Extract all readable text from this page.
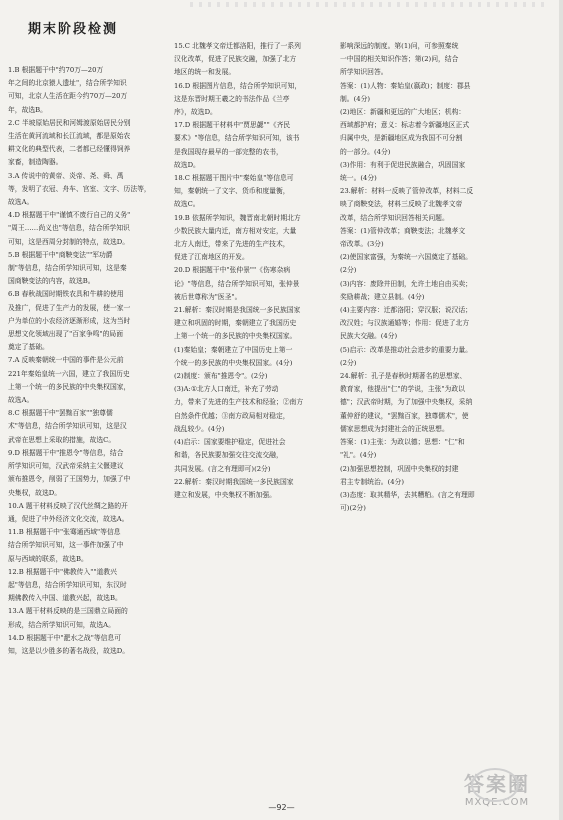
期末阶段检测
1.B 根据题干中"约70万—20万
年之间的北京猿人遗址"，结合所学知识
可知，北京人生活在距今约70万—20万
年，故选B。
2.C 半坡原始居民和河姆渡原始居民分别
生活在黄河流域和长江流域，都是原始农
耕文化的典型代表，二者都已经懂得饲养
家畜，制造陶器。
3.A 传说中的黄帝、炎帝、尧、舜、禹
等，发明了衣冠、舟车、宫室、文字、历法等，
故选A。
4.D 根据题干中"谨慎不废行自己的义务"
"周王……尚义也"等信息，结合所学知识
可知，这是西周分封制的特点，故选D。
5.B 根据题干中"商鞅变法""军功爵
制"等信息，结合所学知识可知，这是秦
国商鞅变法的内容，故选B。
6.B 春秋战国时期铁农具和牛耕的使用
及推广，促进了生产力的发展，使一家一
户为单位的小农经济逐渐形成，这为当时
思想文化领域出现了"百家争鸣"的局面
奠定了基础。
7.A 反映秦朝统一中国的事件是公元前
221年秦始皇统一六国，建立了我国历史
上第一个统一的多民族的中央集权国家，
故选A。
8.C 根据题干中"罢黜百家""独尊儒
术"等信息，结合所学知识可知，这是汉
武帝在思想上采取的措施，故选C。
9.D 根据题干中"推恩令"等信息，结合
所学知识可知，汉武帝采纳主父偃建议
颁布推恩令，削弱了王国势力，加强了中
央集权，故选D。
10.A 题干材料反映了汉代丝绸之路的开
通，促进了中外经济文化交流，故选A。
11.B 根据题干中"张骞通西域"等信息
结合所学知识可知，这一事件加强了中
原与西域的联系，故选B。
12.B 根据题干中"佛教传入""道教兴
起"等信息，结合所学知识可知，东汉时
期佛教传入中国、道教兴起，故选B。
13.A 题干材料反映的是三国鼎立局面的
形成，结合所学知识可知，故选A。
14.D 根据题干中"淝水之战"等信息可
知，这是以少胜多的著名战役，故选D。
15.C 北魏孝文帝迁都洛阳，推行了一系列
汉化改革，促进了民族交融，加强了北方
地区的统一和发展。
16.D 根据图片信息，结合所学知识可知，
这是东晋时期王羲之的书法作品《兰亭
序》，故选D。
17.D 根据题干材料中"贾思勰""《齐民
要术》"等信息，结合所学知识可知，该书
是我国现存最早的一部完整的农书，
故选D。
18.C 根据题干图片中"秦始皇"等信息可
知，秦朝统一了文字、货币和度量衡，
故选C。
19.B 依据所学知识，魏晋南北朝时期北方
少数民族大量内迁，南方相对安定，大量
北方人南迁，带来了先进的生产技术，
促进了江南地区的开发。
20.D 根据题干中"张仲景""《伤寒杂病
论》"等信息，结合所学知识可知，张仲景
被后世尊称为"医圣"。
21.解析：秦汉时期是我国统一多民族国家
建立和巩固的时期，秦朝建立了我国历史
上第一个统一的多民族的中央集权国家。
(1)秦始皇；秦朝建立了中国历史上第一
个统一的多民族的中央集权国家。(4分)
(2)制度：颁布"推恩令"。(2分)
(3)A:①北方人口南迁，补充了劳动
力，带来了先进的生产技术和经验；②南方
自然条件优越；③南方政局相对稳定，
战乱较少。(4分)
(4)启示：国家要维护稳定，促进社会
和谐，各民族要加强交往交流交融，
共同发展。(言之有理即可)(2分)
22.解析：秦汉时期我国统一多民族国家
建立和发展，中央集权不断加强。
影响深远的制度。第(1)问，可参照秦统
一中国的相关知识作答；第(2)问，结合
所学知识回答。
答案：(1)人物：秦始皇(嬴政)；制度：郡县
制。(4分)
(2)地区：新疆和更远的广大地区；机构：
西域都护府；意义：标志着今新疆地区正式
归属中央，是新疆地区成为我国不可分割
的一部分。(4分)
(3)作用：有利于促进民族融合，巩固国家
统一。(4分)
23.解析：材料一反映了管仲改革，材料二反
映了商鞅变法，材料三反映了北魏孝文帝
改革，结合所学知识回答相关问题。
答案：(1)管仲改革；商鞅变法；北魏孝文
帝改革。(3分)
(2)使国家富强，为秦统一六国奠定了基础。
(2分)
(3)内容：废除井田制，允许土地自由买卖；
奖励耕战；建立县制。(4分)
(4)主要内容：迁都洛阳；穿汉服；说汉话；
改汉姓；与汉族通婚等；作用：促进了北方
民族大交融。(4分)
(5)启示：改革是推动社会进步的重要力量。
(2分)
24.解析：孔子是春秋时期著名的思想家、
教育家，他提出"仁"的学说，主张"为政以
德"；汉武帝时期，为了加强中央集权，采纳
董仲舒的建议，"罢黜百家，独尊儒术"，使
儒家思想成为封建社会的正统思想。
答案：(1)主张：为政以德；思想："仁"和
"礼"。(4分)
(2)加强思想控制，巩固中央集权的封建
君主专制统治。(4分)
(3)态度：取其精华，去其糟粕。(言之有理即
可)(2分)
—92—
答案圈
MXQE.COM
